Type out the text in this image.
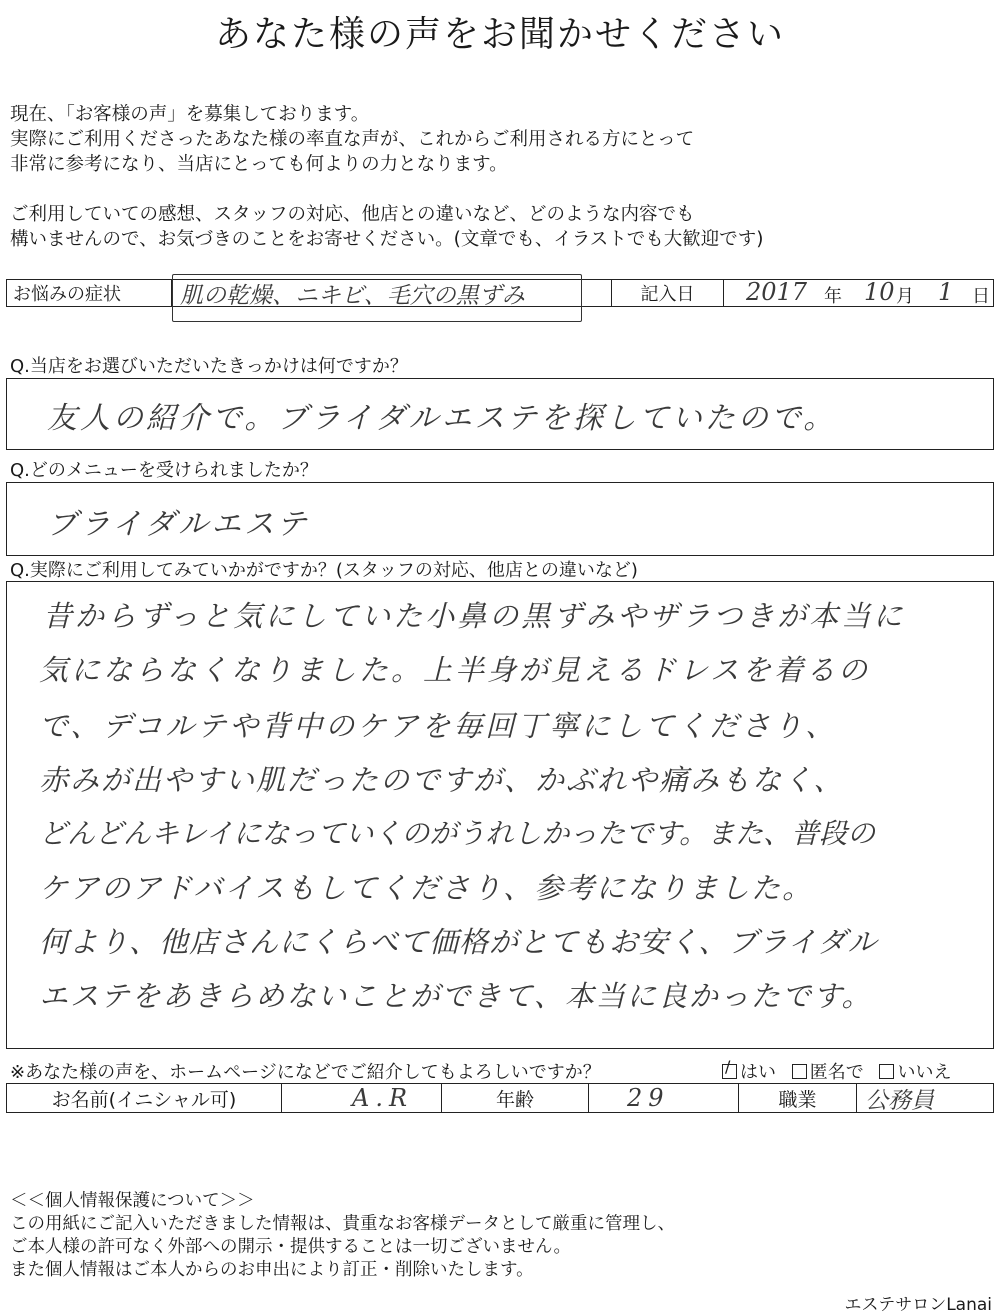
あなた様の声をお聞かせください
現在、「お客様の声」を募集しております。
実際にご利用くださったあなた様の率直な声が、これからご利用される方にとって
非常に参考になり、当店にとっても何よりの力となります。
ご利用していての感想、スタッフの対応、他店との違いなど、どのような内容でも
構いませんので、お気づきのことをお寄せください。(文章でも、イラストでも大歓迎です)
お悩みの症状	肌の乾燥、ニキビ、毛穴の黒ずみ	記入日	2017 年 10 月 1 日
Q.当店をお選びいただいたきっかけは何ですか？
友人の紹介で。ブライダルエステを探していたので。
Q.どのメニューを受けられましたか？
ブライダルエステ
Q.実際にご利用してみていかがですか？(スタッフの対応、他店との違いなど)
昔からずっと気にしていた小鼻の黒ずみやザラつきが本当に
気にならなくなりました。上半身が見えるドレスを着るの
で、デコルテや背中のケアを毎回丁寧にしてくださり、
赤みが出やすい肌だったのですが、かぶれや痛みもなく、
どんどんキレイになっていくのがうれしかったです。また、普段の
ケアのアドバイスもしてくださり、参考になりました。
何より、他店さんにくらべて価格がとてもお安く、ブライダル
エステをあきらめないことができて、本当に良かったです。
※あなた様の声を、ホームページになどでご紹介してもよろしいですか？	/ はい 匿名で いいえ
お名前(イニシャル可)	A.R	年齢	29	職業	公務員
＜＜個人情報保護について＞＞
この用紙にご記入いただきました情報は、貴重なお客様データとして厳重に管理し、
ご本人様の許可なく外部への開示・提供することは一切ございません。
また個人情報はご本人からのお申出により訂正・削除いたします。
エステサロンLanai
